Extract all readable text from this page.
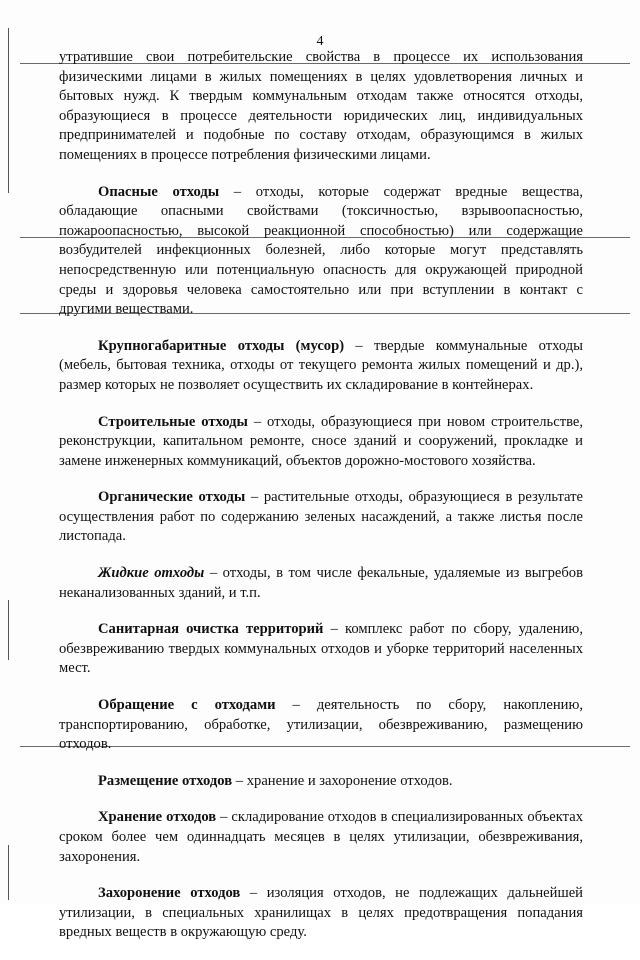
4

утратившие свои потребительские свойства в процессе их использования физическими лицами в жилых помещениях в целях удовлетворения личных и бытовых нужд. К твердым коммунальным отходам также относятся отходы, образующиеся в процессе деятельности юридических лиц, индивидуальных предпринимателей и подобные по составу отходам, образующимся в жилых помещениях в процессе потребления физическими лицами.

Опасные отходы – отходы, которые содержат вредные вещества, обладающие опасными свойствами (токсичностью, взрывоопасностью, пожароопасностью, высокой реакционной способностью) или содержащие возбудителей инфекционных болезней, либо которые могут представлять непосредственную или потенциальную опасность для окружающей природной среды и здоровья человека самостоятельно или при вступлении в контакт с другими веществами.

Крупногабаритные отходы (мусор) – твердые коммунальные отходы (мебель, бытовая техника, отходы от текущего ремонта жилых помещений и др.), размер которых не позволяет осуществить их складирование в контейнерах.

Строительные отходы – отходы, образующиеся при новом строительстве, реконструкции, капитальном ремонте, сносе зданий и сооружений, прокладке и замене инженерных коммуникаций, объектов дорожно-мостового хозяйства.

Органические отходы – растительные отходы, образующиеся в результате осуществления работ по содержанию зеленых насаждений, а также листья после листопада.

Жидкие отходы – отходы, в том числе фекальные, удаляемые из выгребов неканализованных зданий, и т.п.

Санитарная очистка территорий – комплекс работ по сбору, удалению, обезвреживанию твердых коммунальных отходов и уборке территорий населенных мест.

Обращение с отходами – деятельность по сбору, накоплению, транспортированию, обработке, утилизации, обезвреживанию, размещению отходов.

Размещение отходов – хранение и захоронение отходов.

Хранение отходов – складирование отходов в специализированных объектах сроком более чем одиннадцать месяцев в целях утилизации, обезвреживания, захоронения.

Захоронение отходов – изоляция отходов, не подлежащих дальнейшей утилизации, в специальных хранилищах в целях предотвращения попадания вредных веществ в окружающую среду.
